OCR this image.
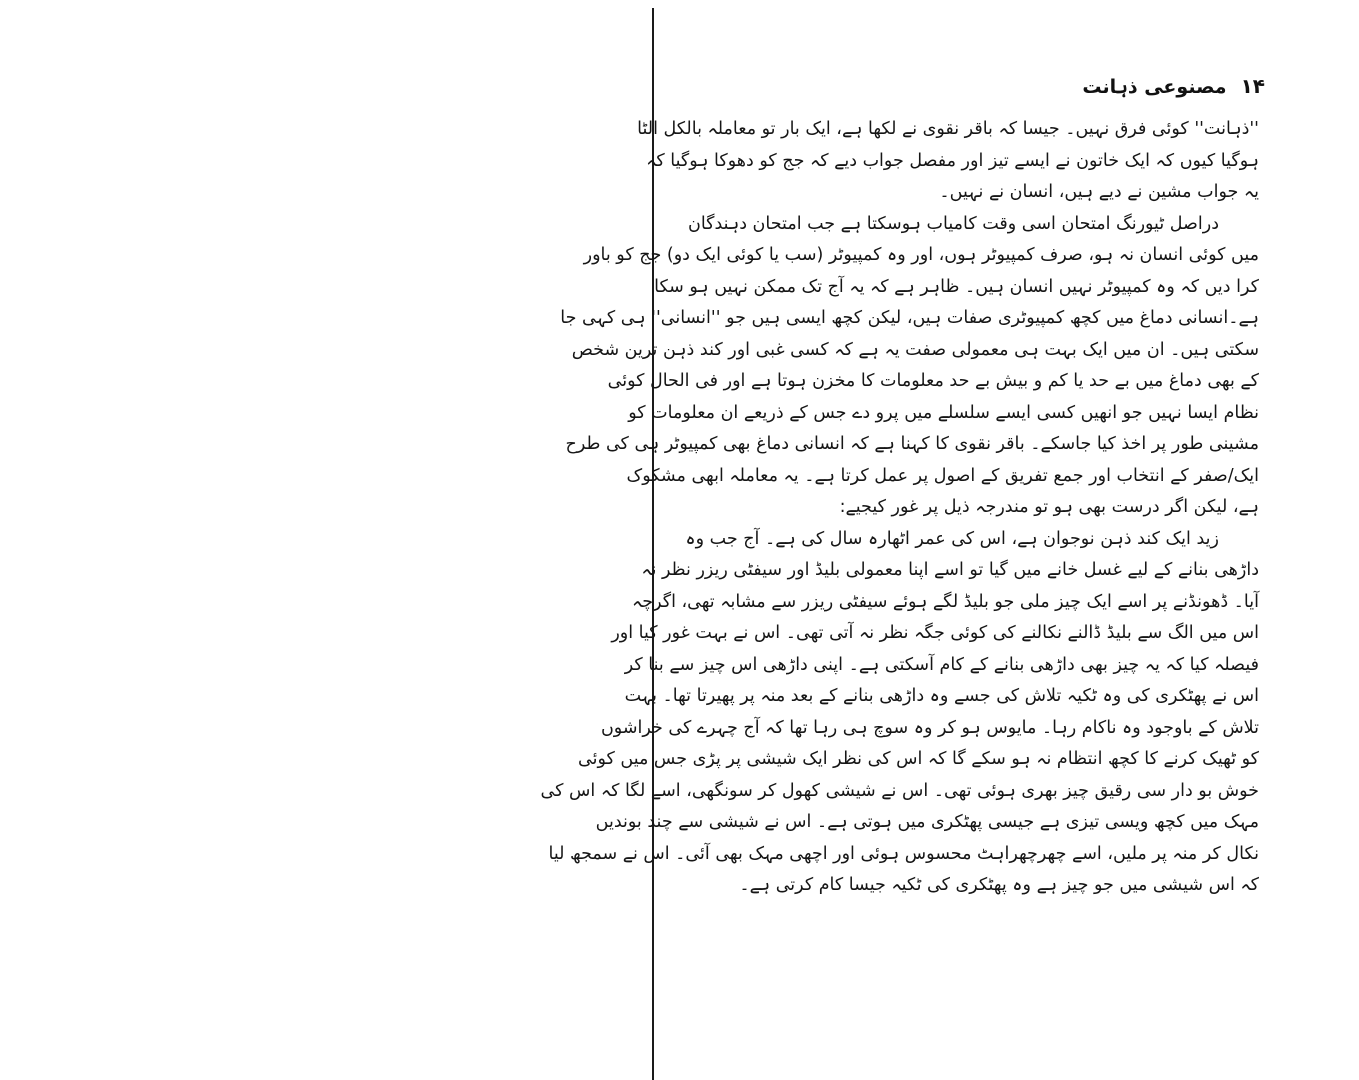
۱۴مصنوعی ذہانت
''ذہانت'' کوئی فرق نہیں۔ جیسا کہ باقر نقوی نے لکھا ہے، ایک بار تو معاملہ بالکل الٹا
ہوگیا کیوں کہ ایک خاتون نے ایسے تیز اور مفصل جواب دیے کہ جج کو دھوکا ہوگیا کہ
یہ جواب مشین نے دیے ہیں، انسان نے نہیں۔
دراصل ٹیورنگ امتحان اسی وقت کامیاب ہوسکتا ہے جب امتحان دہندگان
میں کوئی انسان نہ ہو، صرف کمپیوٹر ہوں، اور وہ کمپیوٹر (سب یا کوئی ایک دو) جج کو باور
کرا دیں کہ وہ کمپیوٹر نہیں انسان ہیں۔ ظاہر ہے کہ یہ آج تک ممکن نہیں ہو سکا
ہے۔انسانی دماغ میں کچھ کمپیوٹری صفات ہیں، لیکن کچھ ایسی ہیں جو ''انسانی'' ہی کہی جا
سکتی ہیں۔ ان میں ایک بہت ہی معمولی صفت یہ ہے کہ کسی غبی اور کند ذہن ترین شخص
کے بھی دماغ میں بے حد یا کم و بیش بے حد معلومات کا مخزن ہوتا ہے اور فی الحال کوئی
نظام ایسا نہیں جو انھیں کسی ایسے سلسلے میں پرو دے جس کے ذریعے ان معلومات کو
مشینی طور پر اخذ کیا جاسکے۔ باقر نقوی کا کہنا ہے کہ انسانی دماغ بھی کمپیوٹر ہی کی طرح
ایک/صفر کے انتخاب اور جمع تفریق کے اصول پر عمل کرتا ہے۔ یہ معاملہ ابھی مشکوک
ہے، لیکن اگر درست بھی ہو تو مندرجہ ذیل پر غور کیجیے:
زید ایک کند ذہن نوجوان ہے، اس کی عمر اٹھارہ سال کی ہے۔ آج جب وہ
داڑھی بنانے کے لیے غسل خانے میں گیا تو اسے اپنا معمولی بلیڈ اور سیفٹی ریزر نظر نہ
آیا۔ ڈھونڈنے پر اسے ایک چیز ملی جو بلیڈ لگے ہوئے سیفٹی ریزر سے مشابہ تھی، اگرچہ
اس میں الگ سے بلیڈ ڈالنے نکالنے کی کوئی جگہ نظر نہ آتی تھی۔ اس نے بہت غور کیا اور
فیصلہ کیا کہ یہ چیز بھی داڑھی بنانے کے کام آسکتی ہے۔ اپنی داڑھی اس چیز سے بنا کر
اس نے پھٹکری کی وہ ٹکیہ تلاش کی جسے وہ داڑھی بنانے کے بعد منہ پر پھیرتا تھا۔ بہت
تلاش کے باوجود وہ ناکام رہا۔ مایوس ہو کر وہ سوچ ہی رہا تھا کہ آج چہرے کی خراشوں
کو ٹھیک کرنے کا کچھ انتظام نہ ہو سکے گا کہ اس کی نظر ایک شیشی پر پڑی جس میں کوئی
خوش بو دار سی رقیق چیز بھری ہوئی تھی۔ اس نے شیشی کھول کر سونگھی، اسے لگا کہ اس کی
مہک میں کچھ ویسی تیزی ہے جیسی پھٹکری میں ہوتی ہے۔ اس نے شیشی سے چند بوندیں
نکال کر منہ پر ملیں، اسے چھرچھراہٹ محسوس ہوئی اور اچھی مہک بھی آئی۔ اس نے سمجھ لیا
کہ اس شیشی میں جو چیز ہے وہ پھٹکری کی ٹکیہ جیسا کام کرتی ہے۔
